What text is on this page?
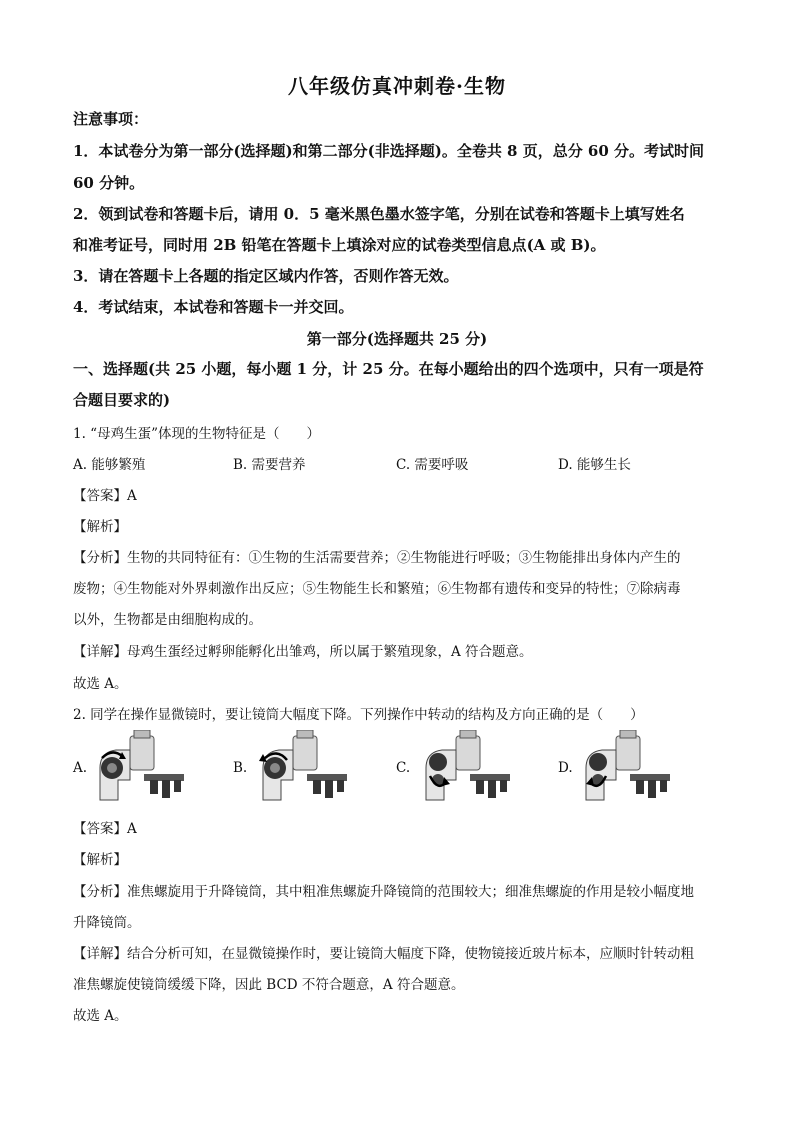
八年级仿真冲刺卷·生物
注意事项：
1．本试卷分为第一部分(选择题)和第二部分(非选择题)。全卷共 8 页，总分 60 分。考试时间
60 分钟。
2．领到试卷和答题卡后，请用 0．5 毫米黑色墨水签字笔，分别在试卷和答题卡上填写姓名
和准考证号，同时用 2B 铅笔在答题卡上填涂对应的试卷类型信息点(A 或 B)。
3．请在答题卡上各题的指定区域内作答，否则作答无效。
4．考试结束，本试卷和答题卡一并交回。
第一部分(选择题共 25 分)
一、选择题(共 25 小题，每小题 1 分，计 25 分。在每小题给出的四个选项中，只有一项是符
合题目要求的)
1. “母鸡生蛋”体现的生物特征是（　　）
A. 能够繁殖	B. 需要营养	C. 需要呼吸	D. 能够生长
【答案】A
【解析】
【分析】生物的共同特征有：①生物的生活需要营养；②生物能进行呼吸；③生物能排出身体内产生的
废物；④生物能对外界刺激作出反应；⑤生物能生长和繁殖；⑥生物都有遗传和变异的特性；⑦除病毒
以外，生物都是由细胞构成的。
【详解】母鸡生蛋经过孵卵能孵化出雏鸡，所以属于繁殖现象，A 符合题意。
故选 A。
2. 同学在操作显微镜时，要让镜筒大幅度下降。下列操作中转动的结构及方向正确的是（　　）
A.	B.	C.	D.
【答案】A
【解析】
【分析】准焦螺旋用于升降镜筒，其中粗准焦螺旋升降镜筒的范围较大；细准焦螺旋的作用是较小幅度地
升降镜筒。
【详解】结合分析可知，在显微镜操作时，要让镜筒大幅度下降，使物镜接近玻片标本，应顺时针转动粗
准焦螺旋使镜筒缓缓下降，因此 BCD 不符合题意，A 符合题意。
故选 A。
